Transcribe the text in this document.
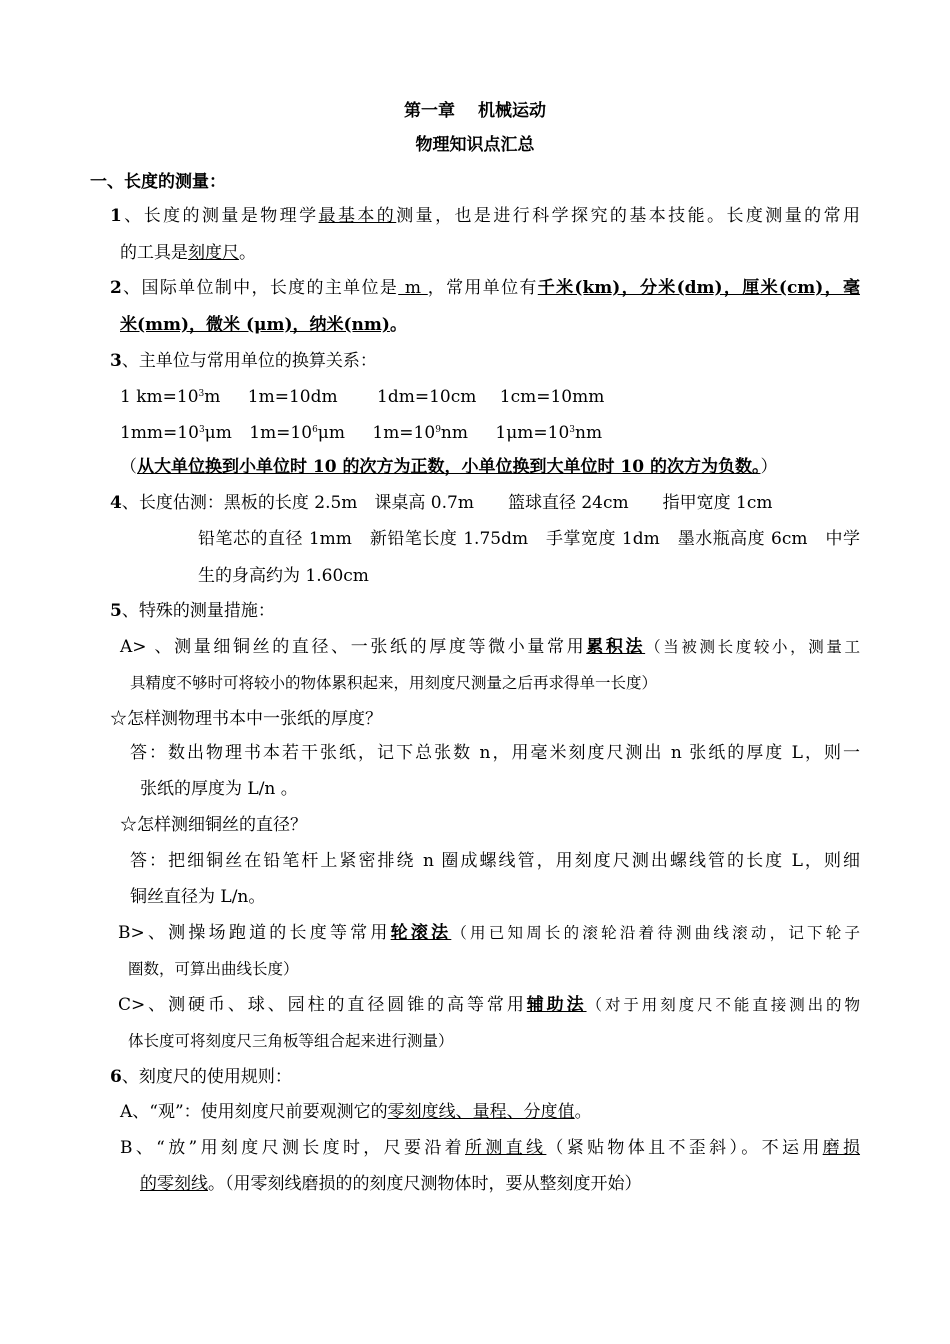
第一章　 机械运动
物理知识点汇总
一、长度的测量：
1、长度的测量是物理学最基本的测量，也是进行科学探究的基本技能。长度测量的常用
的工具是刻度尺。
2、国际单位制中，长度的主单位是 m ，常用单位有千米(km)，分米(dm)，厘米(cm)，毫
米(mm)，微米 (μm)，纳米(nm)。
3、主单位与常用单位的换算关系：
1 $km=10^3m$ 1m=10dm 1dm=10cm 1cm=10mm
$1mm=10^3\mu m$ $1m=10^6\mu m$ $1m=10^9nm$ $1\mu m=10^3nm$
（从大单位换到小单位时 10 的次方为正数，小单位换到大单位时 10 的次方为负数。）
4、长度估测：黑板的长度 2.5m　课桌高 0.7m　　篮球直径 24cm　　指甲宽度 1cm
铅笔芯的直径 1mm　新铅笔长度 1.75dm　手掌宽度 1dm　墨水瓶高度 6cm　中学
生的身高约为 1.60cm
5、特殊的测量措施：
A> 、测量细铜丝的直径、一张纸的厚度等微小量常用累积法（当被测长度较小，测量工
具精度不够时可将较小的物体累积起来，用刻度尺测量之后再求得单一长度）
☆怎样测物理书本中一张纸的厚度？
答：数出物理书本若干张纸，记下总张数 n，用毫米刻度尺测出 n 张纸的厚度 L，则一
张纸的厚度为 L/n 。
☆怎样测细铜丝的直径？
答：把细铜丝在铅笔杆上紧密排绕 n 圈成螺线管，用刻度尺测出螺线管的长度 L，则细
铜丝直径为 L/n。
B>、测操场跑道的长度等常用轮滚法（用已知周长的滚轮沿着待测曲线滚动，记下轮子
圈数，可算出曲线长度）
C>、测硬币、球、园柱的直径圆锥的高等常用辅助法（对于用刻度尺不能直接测出的物
体长度可将刻度尺三角板等组合起来进行测量）
6、刻度尺的使用规则：
A、“观”：使用刻度尺前要观测它的零刻度线、量程、分度值。
B、“放”用刻度尺测长度时，尺要沿着所测直线（紧贴物体且不歪斜）。不运用磨损
的零刻线。（用零刻线磨损的的刻度尺测物体时，要从整刻度开始）
